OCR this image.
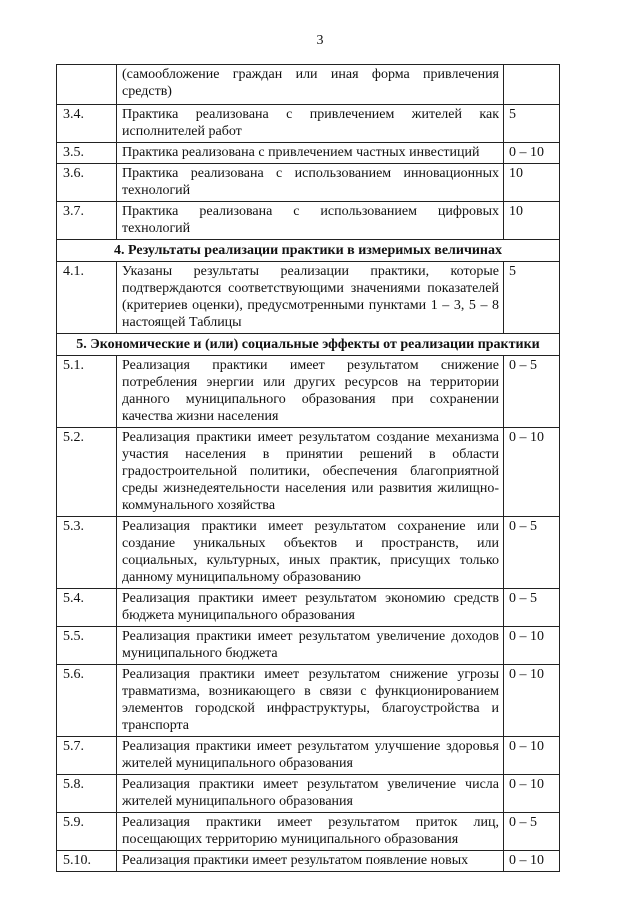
3
	(самообложение граждан или иная форма привлечения средств)	
3.4.	Практика реализована с привлечением жителей как исполнителей работ	5
3.5.	Практика реализована с привлечением частных инвестиций	0 – 10
3.6.	Практика реализована с использованием инновационных технологий	10
3.7.	Практика реализована с использованием цифровых технологий	10
4. Результаты реализации практики в измеримых величинах		
4.1.	Указаны результаты реализации практики, которые подтверждаются соответствующими значениями показателей (критериев оценки), предусмотренными пунктами 1 – 3, 5 – 8 настоящей Таблицы	5
5. Экономические и (или) социальные эффекты от реализации практики		
5.1.	Реализация практики имеет результатом снижение потребления энергии или других ресурсов на территории данного муниципального образования при сохранении качества жизни населения	0 – 5
5.2.	Реализация практики имеет результатом создание механизма участия населения в принятии решений в области градостроительной политики, обеспечения благоприятной среды жизнедеятельности населения или развития жилищно-коммунального хозяйства	0 – 10
5.3.	Реализация практики имеет результатом сохранение или создание уникальных объектов и пространств, или социальных, культурных, иных практик, присущих только данному муниципальному образованию	0 – 5
5.4.	Реализация практики имеет результатом экономию средств бюджета муниципального образования	0 – 5
5.5.	Реализация практики имеет результатом увеличение доходов муниципального бюджета	0 – 10
5.6.	Реализация практики имеет результатом снижение угрозы травматизма, возникающего в связи с функционированием элементов городской инфраструктуры, благоустройства и транспорта	0 – 10
5.7.	Реализация практики имеет результатом улучшение здоровья жителей муниципального образования	0 – 10
5.8.	Реализация практики имеет результатом увеличение числа жителей муниципального образования	0 – 10
5.9.	Реализация практики имеет результатом приток лиц, посещающих территорию муниципального образования	0 – 5
5.10.	Реализация практики имеет результатом появление новых	0 – 10
